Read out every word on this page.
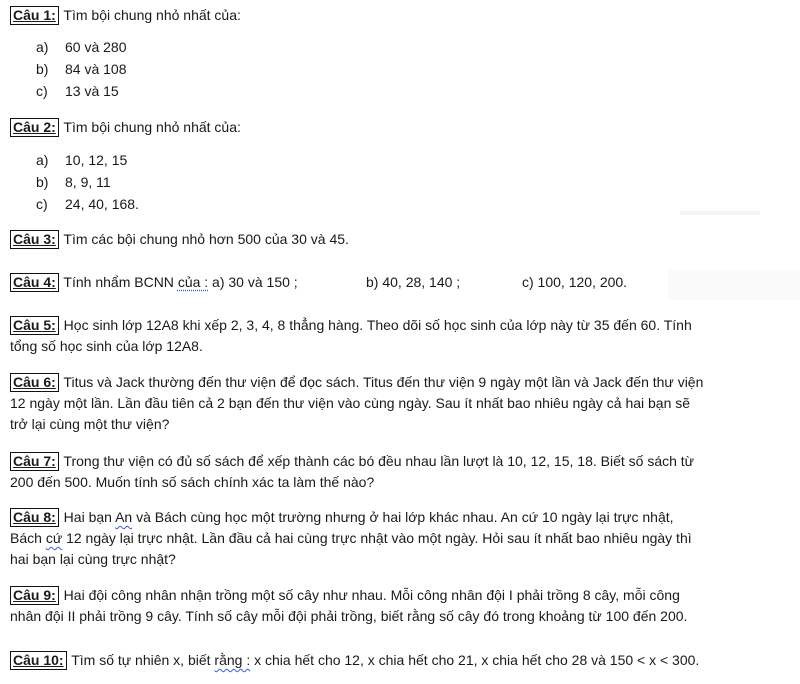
Câu 1: Tìm bội chung nhỏ nhất của:
a) 60 và 280
b) 84 và 108
c) 13 và 15
Câu 2: Tìm bội chung nhỏ nhất của:
a) 10, 12, 15
b) 8, 9, 11
c) 24, 40, 168.
Câu 3: Tìm các bội chung nhỏ hơn 500 của 30 và 45.
Câu 4: Tính nhẩm BCNN của : a) 30 và 150 ;	b) 40, 28, 140 ;	c) 100, 120, 200.
Câu 5: Học sinh lớp 12A8 khi xếp 2, 3, 4, 8 thẳng hàng. Theo dõi số học sinh của lớp này từ 35 đến 60. Tính
tổng số học sinh của lớp 12A8.
Câu 6: Titus và Jack thường đến thư viện để đọc sách. Titus đến thư viện 9 ngày một lần và Jack đến thư viện
12 ngày một lần. Lần đầu tiên cả 2 bạn đến thư viện vào cùng ngày. Sau ít nhất bao nhiêu ngày cả hai bạn sẽ
trở lại cùng một thư viện?
Câu 7: Trong thư viện có đủ số sách để xếp thành các bó đều nhau lần lượt là 10, 12, 15, 18. Biết số sách từ
200 đến 500. Muốn tính số sách chính xác ta làm thế nào?
Câu 8: Hai bạn An và Bách cùng học một trường nhưng ở hai lớp khác nhau. An cứ 10 ngày lại trực nhật,
Bách cứ 12 ngày lại trực nhật. Lần đầu cả hai cùng trực nhật vào một ngày. Hỏi sau ít nhất bao nhiêu ngày thì
hai bạn lại cùng trực nhật?
Câu 9: Hai đội công nhân nhận trồng một số cây như nhau. Mỗi công nhân đội I phải trồng 8 cây, mỗi công
nhân đội II phải trồng 9 cây. Tính số cây mỗi đội phải trồng, biết rằng số cây đó trong khoảng từ 100 đến 200.
Câu 10: Tìm số tự nhiên x, biết rằng : x chia hết cho 12, x chia hết cho 21, x chia hết cho 28 và 150 < x < 300.
